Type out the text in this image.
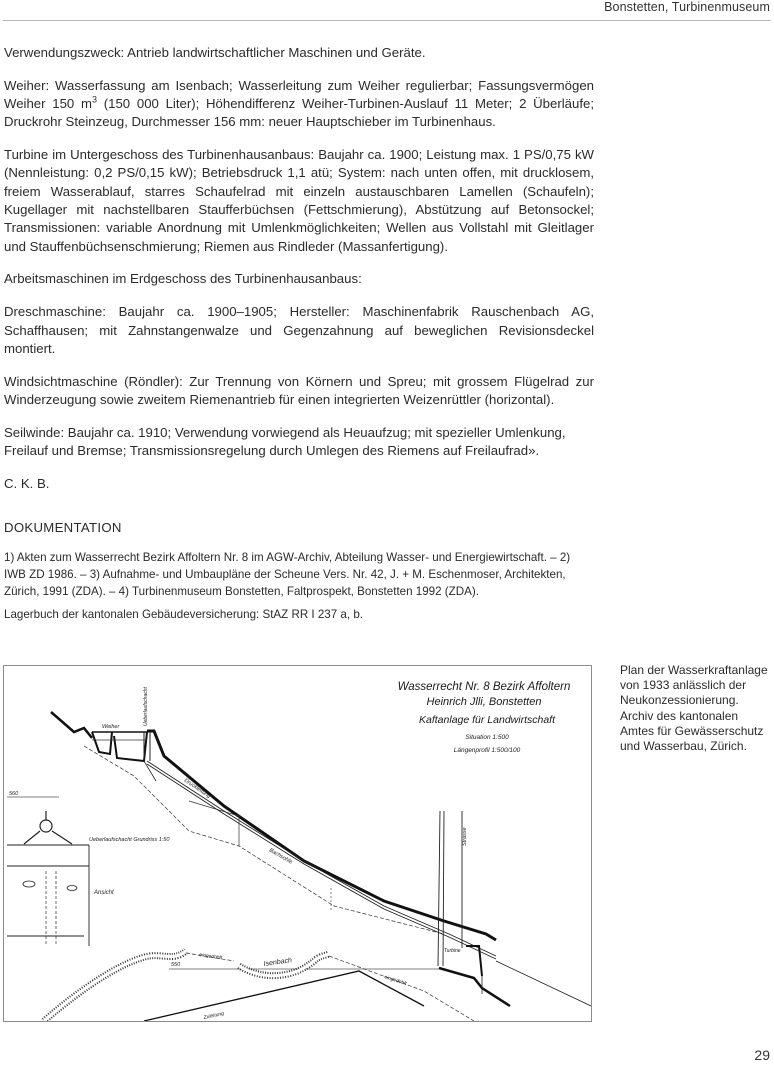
Bonstetten, Turbinenmuseum

Verwendungszweck: Antrieb landwirtschaftlicher Maschinen und Geräte.

Weiher: Wasserfassung am Isenbach; Wasserleitung zum Weiher regulierbar; Fassungsvermögen Weiher 150 $m^3$ (150 000 Liter); Höhendifferenz Weiher-Turbinen-Auslauf 11 Meter; 2 Überläufe; Druckrohr Steinzeug, Durchmesser 156 mm: neuer Hauptschieber im Turbinenhaus.

Turbine im Untergeschoss des Turbinenhausanbaus: Baujahr ca. 1900; Leistung max. 1 PS/0,75 kW (Nennleistung: 0,2 PS/0,15 kW); Betriebsdruck 1,1 atü; System: nach unten offen, mit drucklosem, freiem Wasserablauf, starres Schaufelrad mit einzeln austauschbaren Lamellen (Schaufeln); Kugellager mit nachstellbaren Staufferbüchsen (Fettschmierung), Abstützung auf Betonsockel; Transmissionen: variable Anordnung mit Umlenkmöglichkeiten; Wellen aus Vollstahl mit Gleitlager und Stauffenbüchsenschmierung; Riemen aus Rindleder (Massanfertigung).

Arbeitsmaschinen im Erdgeschoss des Turbinenhausanbaus:

Dreschmaschine: Baujahr ca. 1900–1905; Hersteller: Maschinenfabrik Rauschenbach AG, Schaffhausen; mit Zahnstangenwalze und Gegenzahnung auf beweglichen Revisionsdeckel montiert.

Windsichtmaschine (Röndler): Zur Trennung von Körnern und Spreu; mit grossem Flügelrad zur Winderzeugung sowie zweitem Riemenantrieb für einen integrierten Weizenrüttler (horizontal).

Seilwinde: Baujahr ca. 1910; Verwendung vorwiegend als Heuaufzug; mit spezieller Umlenkung, Freilauf und Bremse; Transmissionsregelung durch Umlegen des Riemens auf Freilaufrad».

C. K. B.

DOKUMENTATION

1) Akten zum Wasserrecht Bezirk Affoltern Nr. 8 im AGW-Archiv, Abteilung Wasser- und Energiewirtschaft. – 2) IWB ZD 1986. – 3) Aufnahme- und Umbaupläne der Scheune Vers. Nr. 42, J. + M. Eschenmoser, Architekten, Zürich, 1991 (ZDA). – 4) Turbinenmuseum Bonstetten, Faltprospekt, Bonstetten 1992 (ZDA).

Lagerbuch der kantonalen Gebäudeversicherung: StAZ RR I 237 a, b.

Wasserrecht Nr. 8 Bezirk Affoltern
Heinrich Jlli, Bonstetten
Kaftanlage für Landwirtschaft
Situation 1:500
Längenprofil 1:500/100
560
550
Turbine
Strasse
Weiher
Ueberlaufschacht
Druckleitung
Bachsohle
Ueberlaufschacht Grundriss 1:50
Ansicht
eingedohlt
eingedohlt
Isenbach
Zuleitung
Plan der Wasserkraftanlage von 1933 anlässlich der Neukonzessionierung. Archiv des kantonalen Amtes für Gewässerschutz und Wasserbau, Zürich.
29
